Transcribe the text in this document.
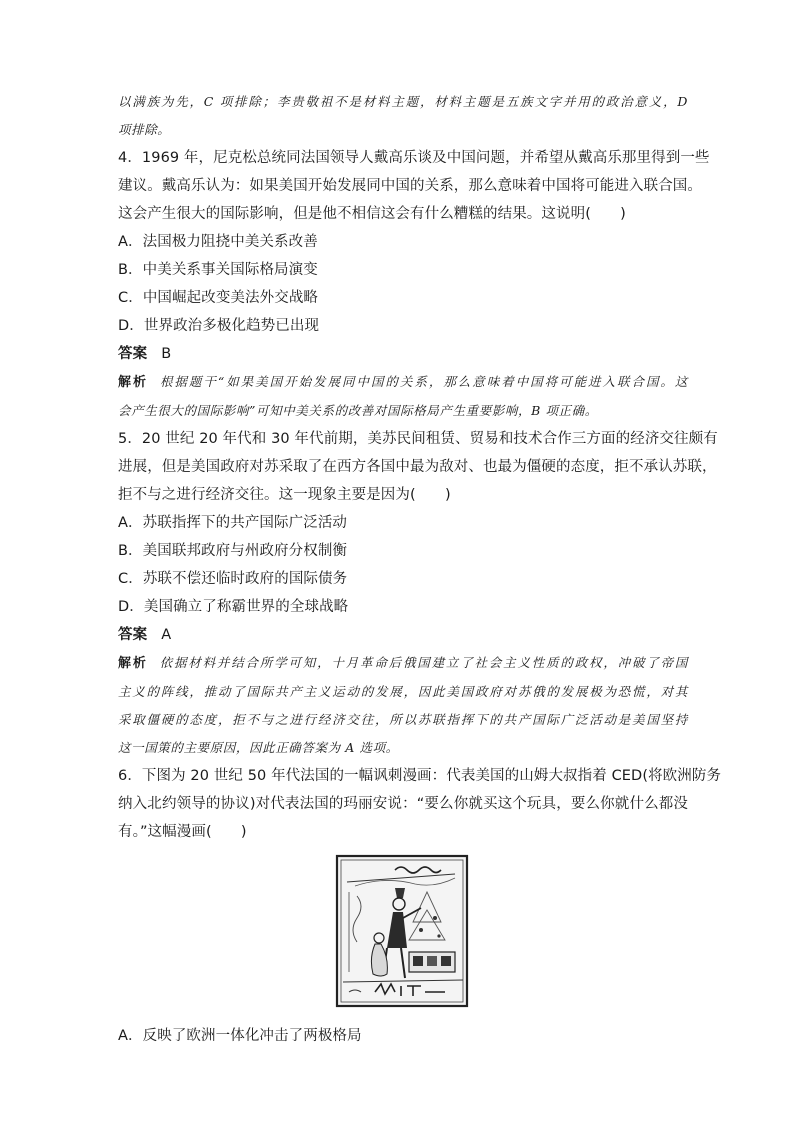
以满族为先，C 项排除；李贵敬祖不是材料主题，材料主题是五族文字并用的政治意义，D
项排除。
4．1969 年，尼克松总统同法国领导人戴高乐谈及中国问题，并希望从戴高乐那里得到一些
建议。戴高乐认为：如果美国开始发展同中国的关系，那么意味着中国将可能进入联合国。
这会产生很大的国际影响，但是他不相信这会有什么糟糕的结果。这说明(　　)
A．法国极力阻挠中美关系改善
B．中美关系事关国际格局演变
C．中国崛起改变美法外交战略
D．世界政治多极化趋势已出现
答案 B
解析 根据题干“如果美国开始发展同中国的关系，那么意味着中国将可能进入联合国。这
会产生很大的国际影响”可知中美关系的改善对国际格局产生重要影响，B 项正确。
5．20 世纪 20 年代和 30 年代前期，美苏民间租赁、贸易和技术合作三方面的经济交往颇有
进展，但是美国政府对苏采取了在西方各国中最为敌对、也最为僵硬的态度，拒不承认苏联，
拒不与之进行经济交往。这一现象主要是因为(　　)
A．苏联指挥下的共产国际广泛活动
B．美国联邦政府与州政府分权制衡
C．苏联不偿还临时政府的国际债务
D．美国确立了称霸世界的全球战略
答案 A
解析 依据材料并结合所学可知，十月革命后俄国建立了社会主义性质的政权，冲破了帝国
主义的阵线，推动了国际共产主义运动的发展，因此美国政府对苏俄的发展极为恐慌，对其
采取僵硬的态度，拒不与之进行经济交往，所以苏联指挥下的共产国际广泛活动是美国坚持
这一国策的主要原因，因此正确答案为 A 选项。
6．下图为 20 世纪 50 年代法国的一幅讽刺漫画：代表美国的山姆大叔指着 CED(将欧洲防务
纳入北约领导的协议)对代表法国的玛丽安说：“要么你就买这个玩具，要么你就什么都没
有。”这幅漫画(　　)
A．反映了欧洲一体化冲击了两极格局
